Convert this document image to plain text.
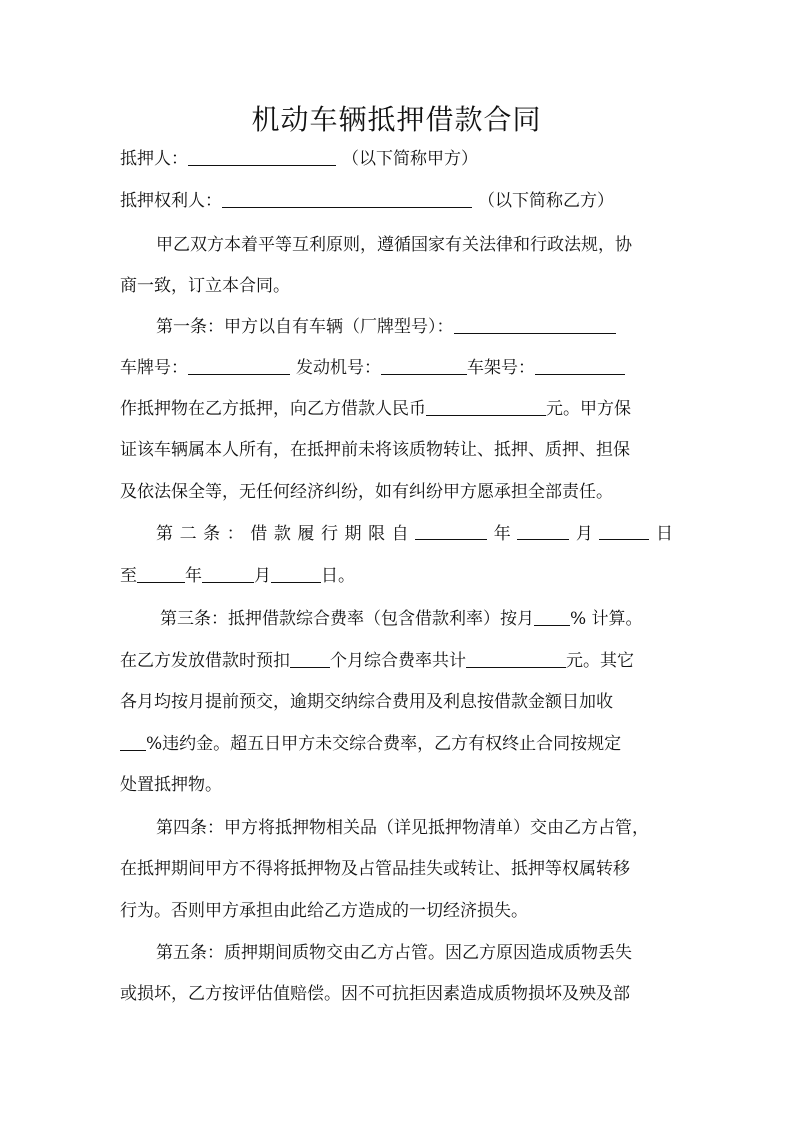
机动车辆抵押借款合同
抵押人：	（以下简称甲方）
抵押权利人：	（以下简称乙方）
甲乙双方本着平等互利原则，遵循国家有关法律和行政法规，协
商一致，订立本合同。
第一条：甲方以自有车辆（厂牌型号）：
车牌号：	发动机号：	车架号：
作抵押物在乙方抵押，向乙方借款人民币	元。甲方保
证该车辆属本人所有，在抵押前未将该质物转让、抵押、质押、担保
及依法保全等，无任何经济纠纷，如有纠纷甲方愿承担全部责任。
第 二 条 ： 借 款 履 行 期 限 自	年	月	日
至	年	月	日。
第三条：抵押借款综合费率（包含借款利率）按月 % 计算。
在乙方发放借款时预扣 个月综合费率共计	元。其它
各月均按月提前预交，逾期交纳综合费用及利息按借款金额日加收
%违约金。超五日甲方未交综合费率，乙方有权终止合同按规定
处置抵押物。
第四条：甲方将抵押物相关品（详见抵押物清单）交由乙方占管，
在抵押期间甲方不得将抵押物及占管品挂失或转让、抵押等权属转移
行为。否则甲方承担由此给乙方造成的一切经济损失。
第五条：质押期间质物交由乙方占管。因乙方原因造成质物丢失
或损坏，乙方按评估值赔偿。因不可抗拒因素造成质物损坏及殃及部
